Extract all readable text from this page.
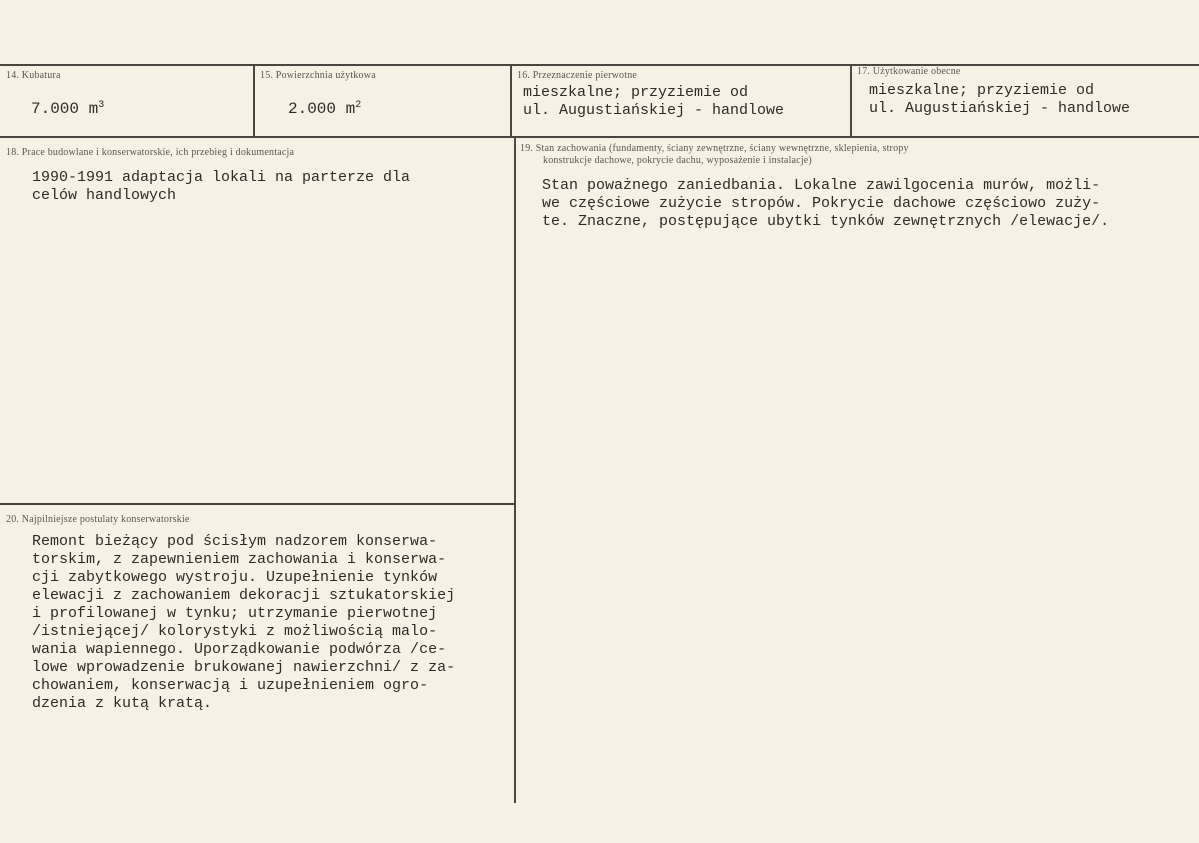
14. Kubatura
7.000 $m^3$
15. Powierzchnia użytkowa
2.000 $m^2$
16. Przeznaczenie pierwotne
mieszkalne; przyziemie od
ul. Augustiańskiej - handlowe
17. Użytkowanie obecne
mieszkalne; przyziemie od
ul. Augustiańskiej - handlowe
18. Prace budowlane i konserwatorskie, ich przebieg i dokumentacja
1990-1991 adaptacja lokali na parterze dla
celów handlowych
19. Stan zachowania (fundamenty, ściany zewnętrzne, ściany wewnętrzne, sklepienia, stropy
konstrukcje dachowe, pokrycie dachu, wyposażenie i instalacje)
Stan poważnego zaniedbania. Lokalne zawilgocenia murów, możli-
we częściowe zużycie stropów. Pokrycie dachowe częściowo zuży-
te. Znaczne, postępujące ubytki tynków zewnętrznych /elewacje/.
20. Najpilniejsze postulaty konserwatorskie
Remont bieżący pod ścisłym nadzorem konserwa-
torskim, z zapewnieniem zachowania i konserwa-
cji zabytkowego wystroju. Uzupełnienie tynków
elewacji z zachowaniem dekoracji sztukatorskiej
i profilowanej w tynku; utrzymanie pierwotnej
/istniejącej/ kolorystyki z możliwością malo-
wania wapiennego. Uporządkowanie podwórza /ce-
lowe wprowadzenie brukowanej nawierzchni/ z za-
chowaniem, konserwacją i uzupełnieniem ogro-
dzenia z kutą kratą.
